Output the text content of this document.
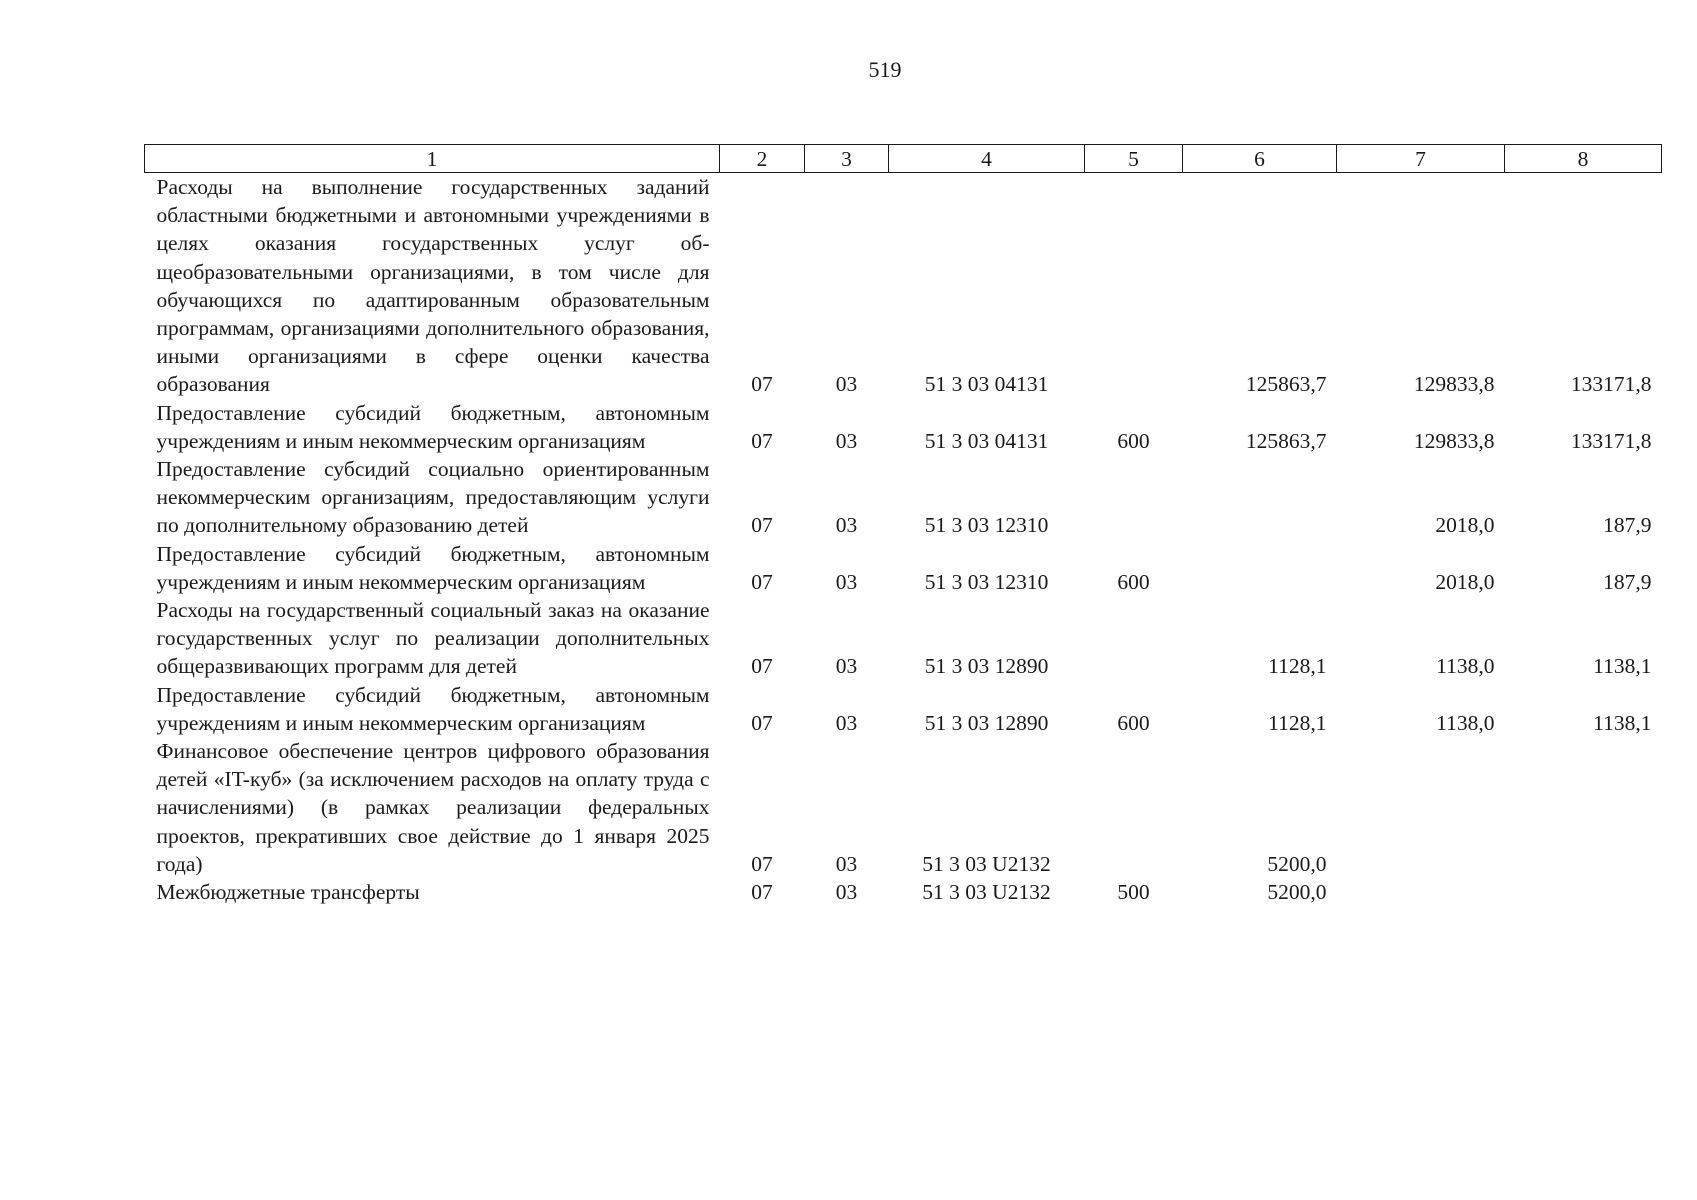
519
1	2	3	4	5	6	7	8
Расходы на выполнение государственных заданий областными бюджетными и автономными учреждениями в целях оказания государственных услуг общеобразовательными организациями, в том числе для обучающихся по адаптированным образовательным программам, организациями дополнительного образования, иными организациями в сфере оценки качества образования	07	03	51 3 03 04131		125863,7	129833,8	133171,8
Предоставление субсидий бюджетным, автономным учреждениям и иным некоммерческим организациям	07	03	51 3 03 04131	600	125863,7	129833,8	133171,8
Предоставление субсидий социально ориентированным некоммерческим организациям, предоставляющим услуги по дополнительному образованию детей	07	03	51 3 03 12310			2018,0	187,9
Предоставление субсидий бюджетным, автономным учреждениям и иным некоммерческим организациям	07	03	51 3 03 12310	600		2018,0	187,9
Расходы на государственный социальный заказ на оказание государственных услуг по реализации дополнительных общеразвивающих программ для детей	07	03	51 3 03 12890		1128,1	1138,0	1138,1
Предоставление субсидий бюджетным, автономным учреждениям и иным некоммерческим организациям	07	03	51 3 03 12890	600	1128,1	1138,0	1138,1
Финансовое обеспечение центров цифрового образования детей «IT-куб» (за исключением расходов на оплату труда с начислениями) (в рамках реализации федеральных проектов, прекративших свое действие до 1 января 2025 года)	07	03	51 3 03 U2132		5200,0		
Межбюджетные трансферты	07	03	51 3 03 U2132	500	5200,0		
